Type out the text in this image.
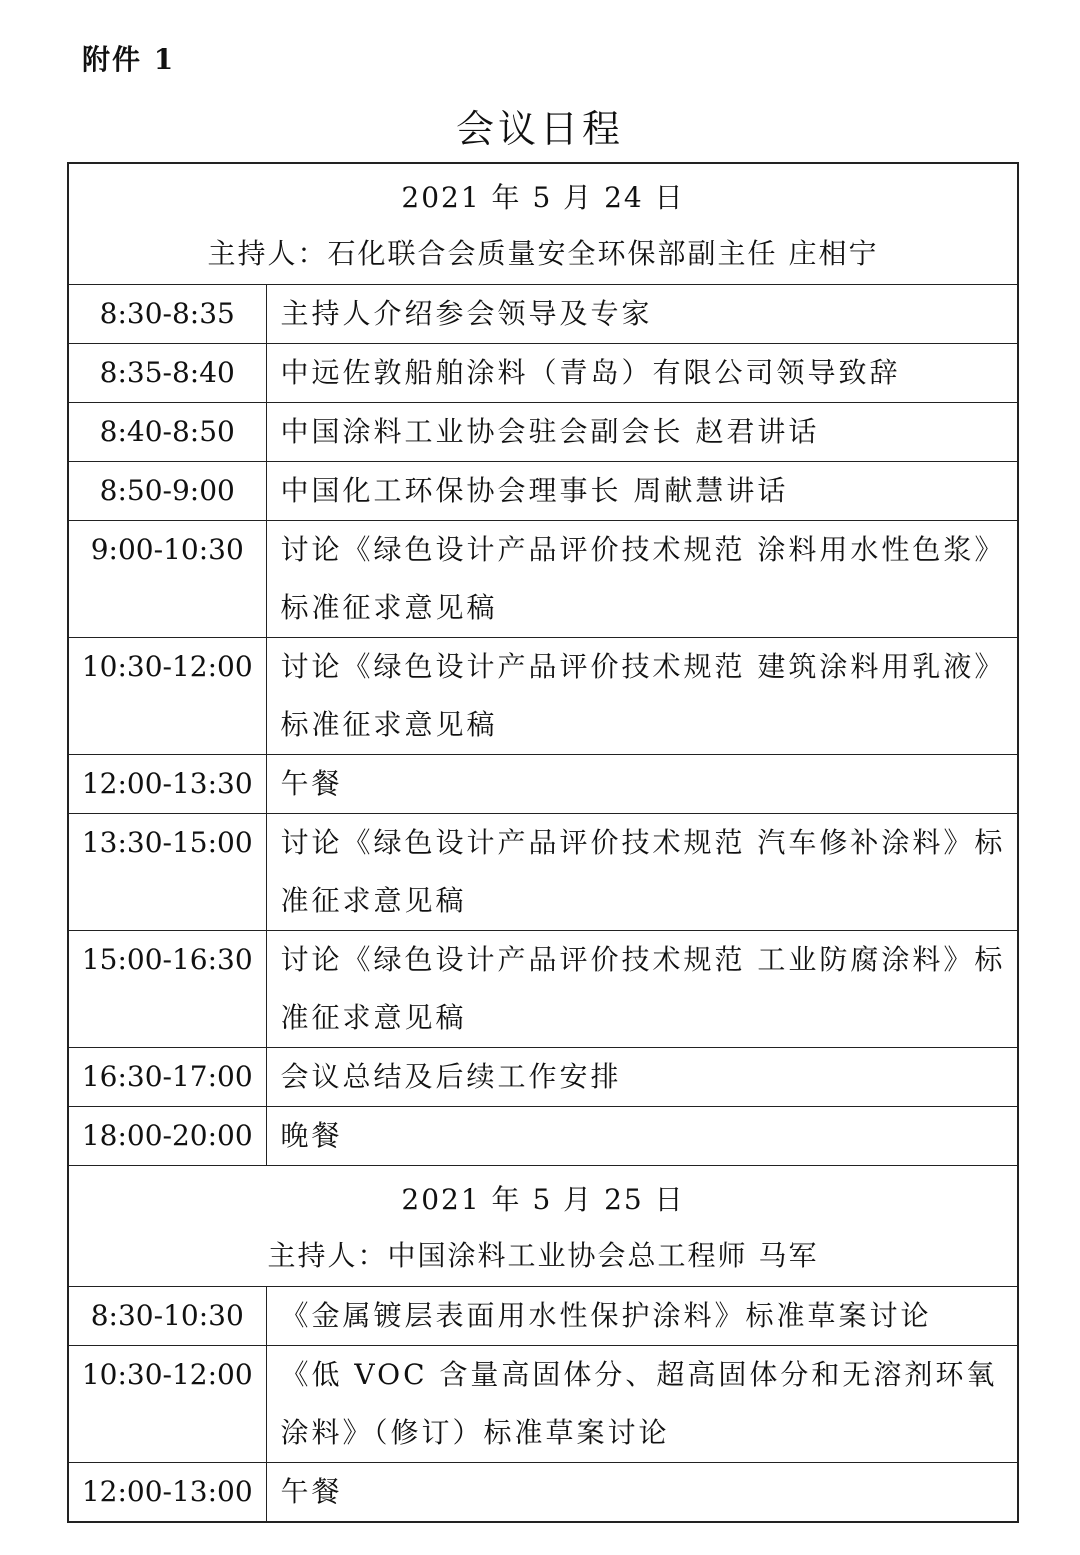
附件 1
会议日程
2021 年 5 月 24 日
主持人：石化联合会质量安全环保部副主任 庄相宁	

8:30-8:35	主持人介绍参会领导及专家
8:35-8:40	中远佐敦船舶涂料（青岛）有限公司领导致辞
8:40-8:50	中国涂料工业协会驻会副会长 赵君讲话
8:50-9:00	中国化工环保协会理事长 周献慧讲话
9:00-10:30	讨论《绿色设计产品评价技术规范 涂料用水性色浆》标准征求意见稿
10:30-12:00	讨论《绿色设计产品评价技术规范 建筑涂料用乳液》标准征求意见稿
12:00-13:30	午餐
13:30-15:00	讨论《绿色设计产品评价技术规范 汽车修补涂料》标准征求意见稿
15:00-16:30	讨论《绿色设计产品评价技术规范 工业防腐涂料》标准征求意见稿
16:30-17:00	会议总结及后续工作安排
18:00-20:00	晚餐

2021 年 5 月 25 日
主持人：中国涂料工业协会总工程师 马军	

8:30-10:30	《金属镀层表面用水性保护涂料》标准草案讨论
10:30-12:00	《低 VOC 含量高固体分、超高固体分和无溶剂环氧涂料》（修订）标准草案讨论
12:00-13:00	午餐
